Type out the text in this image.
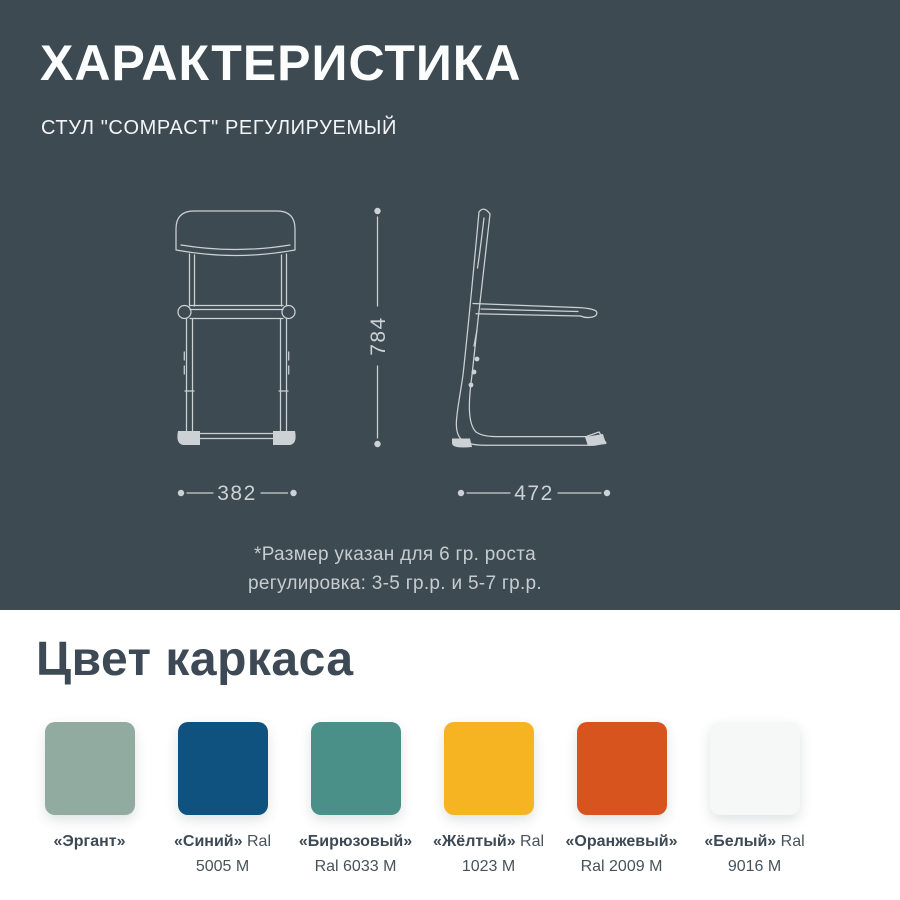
ХАРАКТЕРИСТИКА
СТУЛ "COMPACT" РЕГУЛИРУЕМЫЙ
784
382	472
*Размер указан для 6 гр. роста
регулировка: 3-5 гр.р. и 5-7 гр.р.
Цвет каркаса
«Эргант»	«Синий» Ral 5005 M
«Бирюзовый» Ral 6033 M
«Жёлтый» Ral 1023 M
«Оранжевый» Ral 2009 M
«Белый» Ral 9016 M
